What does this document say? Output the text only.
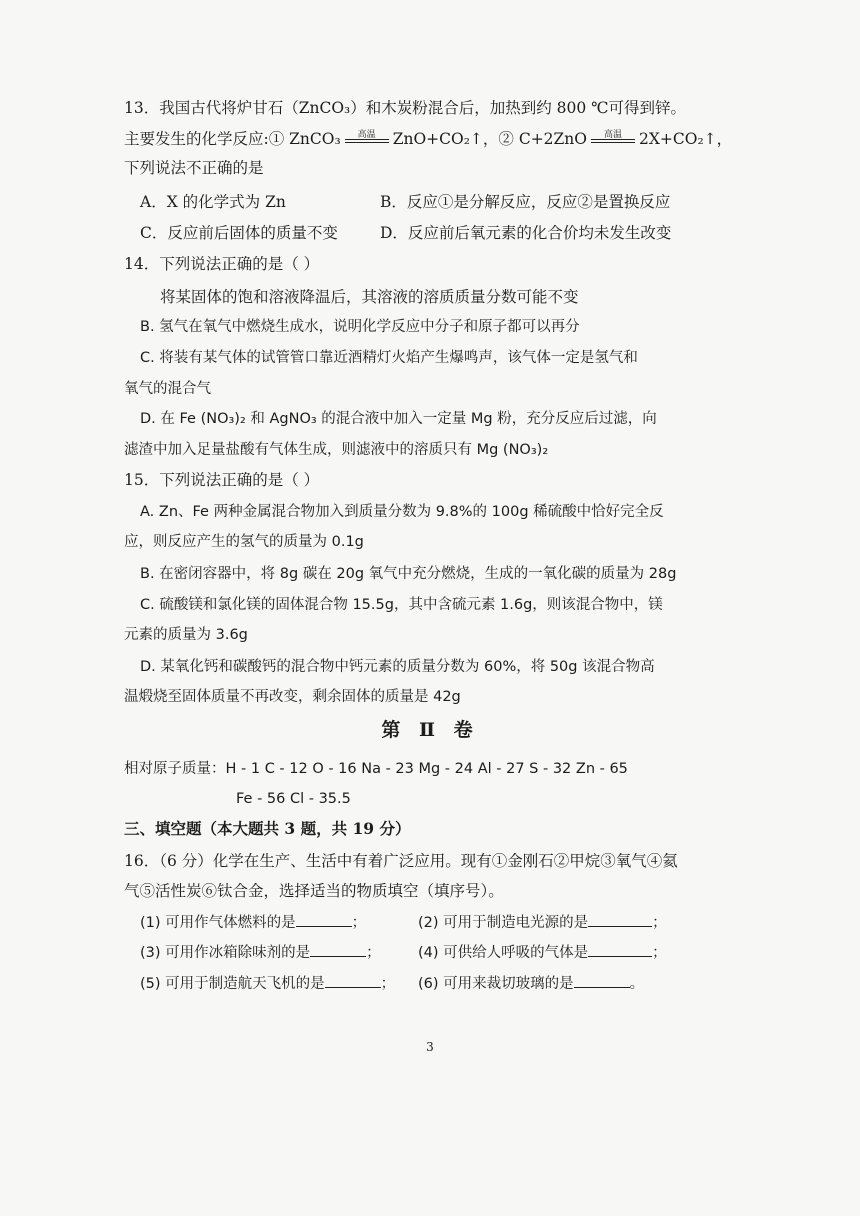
13．我国古代将炉甘石（ZnCO₃）和木炭粉混合后，加热到约 800 ℃可得到锌。
主要发生的化学反应:① ZnCO₃	高温	ZnO+CO₂↑，② C+2ZnO	高温	2X+CO₂↑，
下列说法不正确的是
A．X 的化学式为 Zn	B．反应①是分解反应，反应②是置换反应
C．反应前后固体的质量不变	D．反应前后氧元素的化合价均未发生改变
14．下列说法正确的是（ ）
将某固体的饱和溶液降温后，其溶液的溶质质量分数可能不变
B. 氢气在氧气中燃烧生成水，说明化学反应中分子和原子都可以再分
C. 将装有某气体的试管管口靠近酒精灯火焰产生爆鸣声，该气体一定是氢气和
氧气的混合气
D. 在 Fe (NO₃)₂ 和 AgNO₃ 的混合液中加入一定量 Mg 粉，充分反应后过滤，向
滤渣中加入足量盐酸有气体生成，则滤液中的溶质只有 Mg (NO₃)₂
15．下列说法正确的是（ ）
A. Zn、Fe 两种金属混合物加入到质量分数为 9.8%的 100g 稀硫酸中恰好完全反
应，则反应产生的氢气的质量为 0.1g
B. 在密闭容器中，将 8g 碳在 20g 氧气中充分燃烧，生成的一氧化碳的质量为 28g
C. 硫酸镁和氯化镁的固体混合物 15.5g，其中含硫元素 1.6g，则该混合物中，镁
元素的质量为 3.6g
D. 某氧化钙和碳酸钙的混合物中钙元素的质量分数为 60%，将 50g 该混合物高
温煅烧至固体质量不再改变，剩余固体的质量是 42g
第 Ⅱ 卷
相对原子质量：H - 1 C - 12 O - 16 Na - 23 Mg - 24 Al - 27 S - 32 Zn - 65
Fe - 56 Cl - 35.5
三、填空题（本大题共 3 题，共 19 分）
16．（6 分）化学在生产、生活中有着广泛应用。现有①金刚石②甲烷③氧气④氦
气⑤活性炭⑥钛合金，选择适当的物质填空（填序号）。
(1) 可用作气体燃料的是	；	(2) 可用于制造电光源的是	；
(3) 可用作冰箱除味剂的是	；	(4) 可供给人呼吸的气体是	；
(5) 可用于制造航天飞机的是	； (6) 可用来裁切玻璃的是	。
3
